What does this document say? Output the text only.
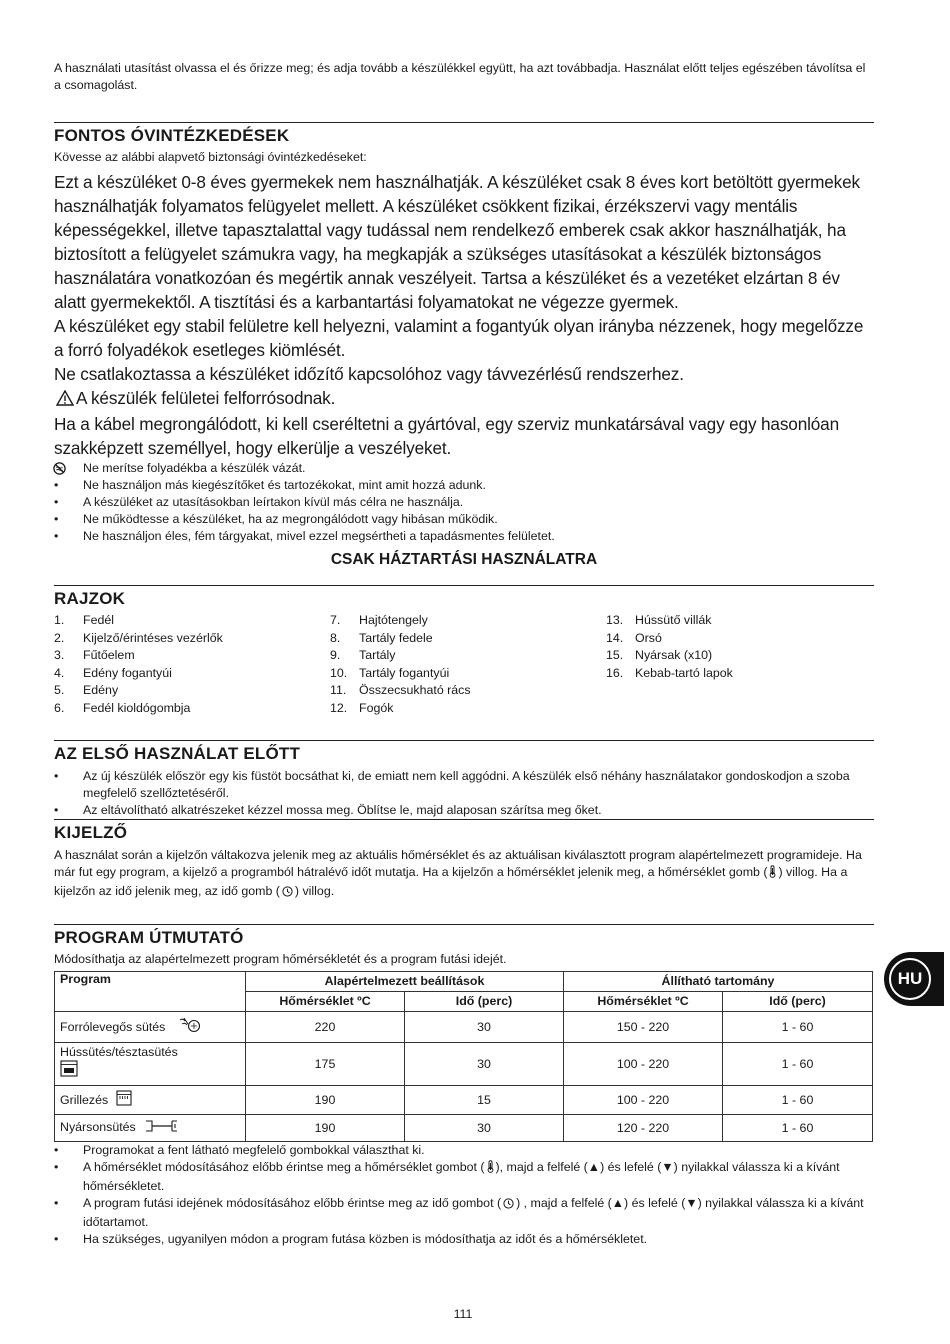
A használati utasítást olvassa el és őrizze meg; és adja tovább a készülékkel együtt, ha azt továbbadja. Használat előtt teljes egészében távolítsa el a csomagolást.

FONTOS ÓVINTÉZKEDÉSEK

Kövesse az alábbi alapvető biztonsági óvintézkedéseket:

Ezt a készüléket 0-8 éves gyermekek nem használhatják. A készüléket csak 8 éves kort betöltött gyermekek használhatják folyamatos felügyelet mellett. A készüléket csökkent fizikai, érzékszervi vagy mentális képességekkel, illetve tapasztalattal vagy tudással nem rendelkező emberek csak akkor használhatják, ha biztosított a felügyelet számukra vagy, ha megkapják a szükséges utasításokat a készülék biztonságos használatára vonatkozóan és megértik annak veszélyeit. Tartsa a készüléket és a vezetéket elzártan 8 év alatt gyermekektől. A tisztítási és a karbantartási folyamatokat ne végezze gyermek.

A készüléket egy stabil felületre kell helyezni, valamint a fogantyúk olyan irányba nézzenek, hogy megelőzze a forró folyadékok esetleges kiömlését.

Ne csatlakoztassa a készüléket időzítő kapcsolóhoz vagy távvezérlésű rendszerhez.

A készülék felületei felforrósodnak.

Ha a kábel megrongálódott, ki kell cseréltetni a gyártóval, egy szerviz munkatársával vagy egy hasonlóan szakképzett személlyel, hogy elkerülje a veszélyeket.

Ne merítse folyadékba a készülék vázát.
• Ne használjon más kiegészítőket és tartozékokat, mint amit hozzá adunk.
• A készüléket az utasításokban leírtakon kívül más célra ne használja.
• Ne működtesse a készüléket, ha az megrongálódott vagy hibásan működik.
• Ne használjon éles, fém tárgyakat, mivel ezzel megsértheti a tapadásmentes felületet.

CSAK HÁZTARTÁSI HASZNÁLATRA

RAJZOK
1.	Fedél
2.	Kijelző/érintéses vezérlők
3.	Fűtőelem
4.	Edény fogantyúi
5.	Edény
6.	Fedél kioldógombja
7.	Hajtótengely
8.	Tartály fedele
9.	Tartály
10. Tartály fogantyúi
11.	Összecsukható rács
12. Fogók
13. Hússütő villák
14. Orsó
15. Nyársak (x10)
16. Kebab-tartó lapok
AZ ELSŐ HASZNÁLAT ELŐTT
• Az új készülék először egy kis füstöt bocsáthat ki, de emiatt nem kell aggódni. A készülék első néhány használatakor gondoskodjon a szoba megfelelő szellőztetéséről.
• Az eltávolítható alkatrészeket kézzel mossa meg. Öblítse le, majd alaposan szárítsa meg őket.
KIJELZŐ

A használat során a kijelzőn váltakozva jelenik meg az aktuális hőmérséklet és az aktuálisan kiválasztott program alapértelmezett programideje. Ha már fut egy program, a kijelző a programból hátralévő időt mutatja. Ha a kijelzőn a hőmérséklet jelenik meg, a hőmérséklet gomb ( ) villog. Ha a kijelzőn az idő jelenik meg, az idő gomb ( ) villog.

PROGRAM ÚTMUTATÓ

Módosíthatja az alapértelmezett program hőmérsékletét és a program futási idejét.

Program	Alapértelmezett beállítások		Állítható tartomány	
	Hőmérséklet ºC	Idő (perc)	Hőmérséklet ºC	Idő (perc)
Forrólevegős sütés	220	30	150 - 220	1 - 60

Hússütés/tésztasütés	175	30	100 - 220	1 - 60
Grillezés	190	15	100 - 220	1 - 60
Nyársonsütés	190	30	120 - 220	1 - 60
• Programokat a fent látható megfelelő gombokkal választhat ki.
• A hőmérséklet módosításához előbb érintse meg a hőmérséklet gombot ( ), majd a felfelé (▲) és lefelé (▼) nyilakkal válassza ki a kívánt hőmérsékletet.
• A program futási idejének módosításához előbb érintse meg az idő gombot ( ) , majd a felfelé (▲) és lefelé (▼) nyilakkal válassza ki a kívánt időtartamot.
• Ha szükséges, ugyanilyen módon a program futása közben is módosíthatja az időt és a hőmérsékletet.
HU
111
